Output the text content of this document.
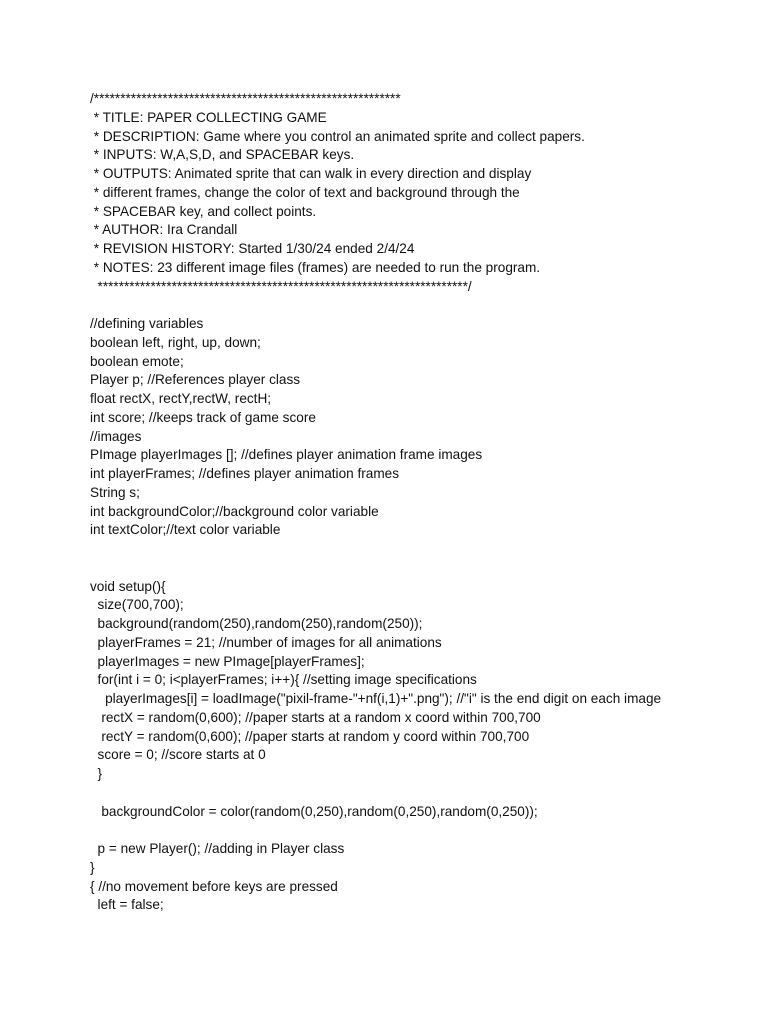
/**********************************************************
* TITLE: PAPER COLLECTING GAME
* DESCRIPTION: Game where you control an animated sprite and collect papers.
* INPUTS: W,A,S,D, and SPACEBAR keys.
* OUTPUTS: Animated sprite that can walk in every direction and display
* different frames, change the color of text and background through the
* SPACEBAR key, and collect points.
* AUTHOR: Ira Crandall
* REVISION HISTORY: Started 1/30/24 ended 2/4/24
* NOTES: 23 different image files (frames) are needed to run the program.
**********************************************************************/
//defining variables
boolean left, right, up, down;
boolean emote;
Player p; //References player class
float rectX, rectY,rectW, rectH;
int score; //keeps track of game score
//images
PImage playerImages []; //defines player animation frame images
int playerFrames; //defines player animation frames
String s;
int backgroundColor;//background color variable
int textColor;//text color variable
void setup(){
size(700,700);
background(random(250),random(250),random(250));
playerFrames = 21; //number of images for all animations
playerImages = new PImage[playerFrames];
for(int i = 0; i<playerFrames; i++){ //setting image specifications
playerImages[i] = loadImage("pixil-frame-"+nf(i,1)+".png"); //"i" is the end digit on each image
rectX = random(0,600); //paper starts at a random x coord within 700,700
rectY = random(0,600); //paper starts at random y coord within 700,700
score = 0; //score starts at 0
}
backgroundColor = color(random(0,250),random(0,250),random(0,250));
p = new Player(); //adding in Player class
}
{ //no movement before keys are pressed
left = false;
